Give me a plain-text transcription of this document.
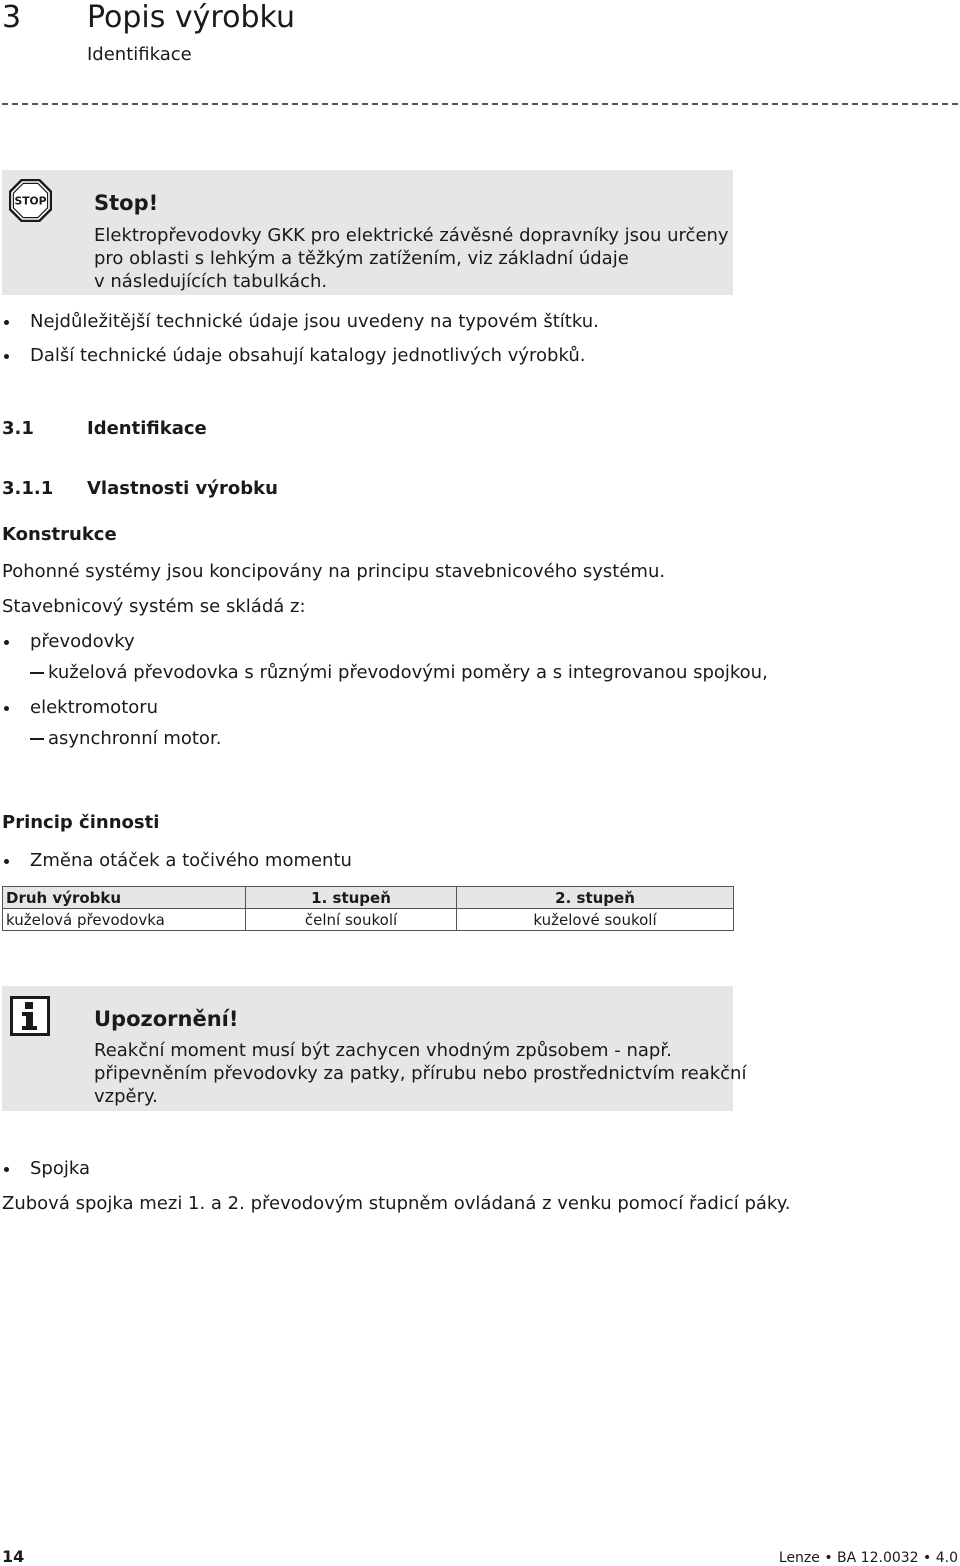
3 Popis výrobku
Identifikace
STOP Stop!
Elektropřevodovky GKK pro elektrické závěsné dopravníky jsou určeny
pro oblasti s lehkým a těžkým zatížením, viz základní údaje
v následujících tabulkách.
Nejdůležitější technické údaje jsou uvedeny na typovém štítku.
Další technické údaje obsahují katalogy jednotlivých výrobků.
3.1	Identifikace
3.1.1 Vlastnosti výrobku
Konstrukce
Pohonné systémy jsou koncipovány na principu stavebnicového systému.
Stavebnicový systém se skládá z:
převodovky
kuželová převodovka s různými převodovými poměry a s integrovanou spojkou,
elektromotoru
asynchronní motor.
Princip činnosti
Změna otáček a točivého momentu
Druh výrobku	1. stupeň	2. stupeň
kuželová převodovka	čelní soukolí	kuželové soukolí
Upozornění!
Reakční moment musí být zachycen vhodným způsobem - např.
připevněním převodovky za patky, přírubu nebo prostřednictvím reakční
vzpěry.
Spojka
Zubová spojka mezi 1. a 2. převodovým stupněm ovládaná z venku pomocí řadicí páky.
14	Lenze • BA 12.0032 • 4.0
